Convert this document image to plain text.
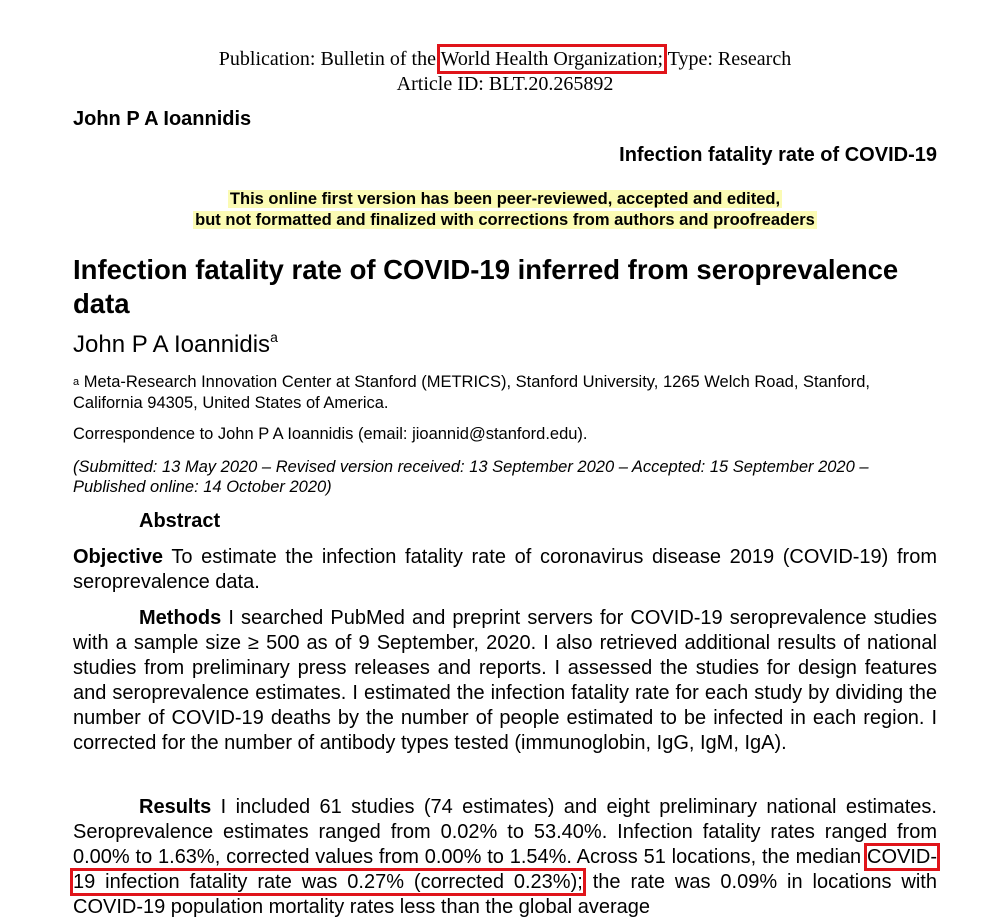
Publication: Bulletin of the World Health Organization; Type: Research
Article ID: BLT.20.265892
John P A Ioannidis
Infection fatality rate of COVID-19
This online first version has been peer-reviewed, accepted and edited,
but not formatted and finalized with corrections from authors and proofreaders
Infection fatality rate of COVID-19 inferred from seroprevalence data
John P A Ioannidis$^a$
$^a$ Meta-Research Innovation Center at Stanford (METRICS), Stanford University, 1265 Welch Road, Stanford, California 94305, United States of America.
Correspondence to John P A Ioannidis (email: jioannid@stanford.edu).
(Submitted: 13 May 2020 – Revised version received: 13 September 2020 – Accepted: 15 September 2020 – Published online: 14 October 2020)
Abstract
Objective To estimate the infection fatality rate of coronavirus disease 2019 (COVID-19) from seroprevalence data.
Methods I searched PubMed and preprint servers for COVID-19 seroprevalence studies with a sample size ≥ 500 as of 9 September, 2020. I also retrieved additional results of national studies from preliminary press releases and reports. I assessed the studies for design features and seroprevalence estimates. I estimated the infection fatality rate for each study by dividing the number of COVID-19 deaths by the number of people estimated to be infected in each region. I corrected for the number of antibody types tested (immunoglobin, IgG, IgM, IgA).
Results I included 61 studies (74 estimates) and eight preliminary national estimates. Seroprevalence estimates ranged from 0.02% to 53.40%. Infection fatality rates ranged from 0.00% to 1.63%, corrected values from 0.00% to 1.54%. Across 51 locations, the median COVID-19 infection fatality rate was 0.27% (corrected 0.23%); the rate was 0.09% in locations with COVID-19 population mortality rates less than the global average
